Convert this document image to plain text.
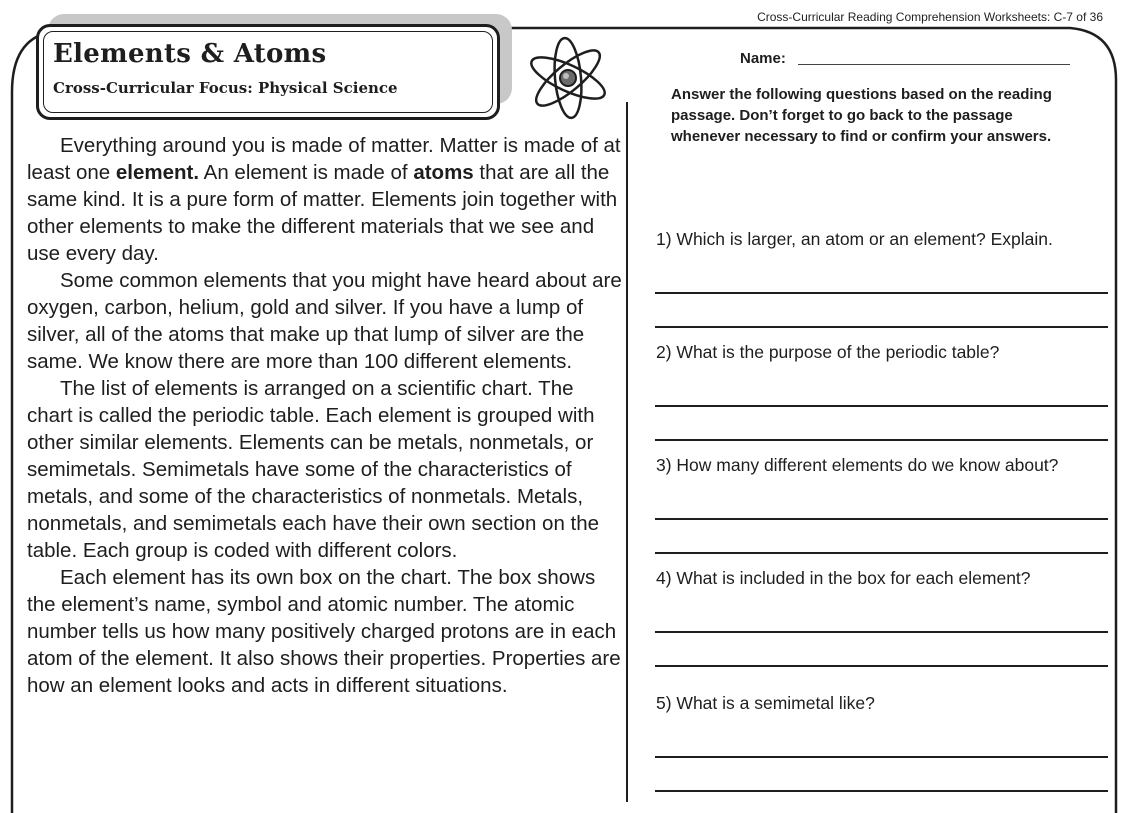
Cross-Curricular Reading Comprehension Worksheets: C-7 of 36
Elements & Atoms
Cross-Curricular Focus: Physical Science

Everything around you is made of matter. Matter is made of at least one element. An element is made of atoms that are all the same kind. It is a pure form of matter. Elements join together with other elements to make the different materials that we see and use every day.

Some common elements that you might have heard about are oxygen, carbon, helium, gold and silver. If you have a lump of silver, all of the atoms that make up that lump of silver are the same. We know there are more than 100 different elements.

The list of elements is arranged on a scientific chart. The chart is called the periodic table. Each element is grouped with other similar elements. Elements can be metals, nonmetals, or semimetals. Semimetals have some of the characteristics of metals, and some of the characteristics of nonmetals. Metals, nonmetals, and semimetals each have their own section on the table. Each group is coded with different colors.

Each element has its own box on the chart. The box shows the element’s name, symbol and atomic number. The atomic number tells us how many positively charged protons are in each atom of the element. It also shows their properties. Properties are how an element looks and acts in different situations.

Name:
Answer the following questions based on the reading passage. Don’t forget to go back to the passage whenever necessary to find or confirm your answers.
1) Which is larger, an atom or an element? Explain.
2) What is the purpose of the periodic table?
3) How many different elements do we know about?
4) What is included in the box for each element?
5) What is a semimetal like?
